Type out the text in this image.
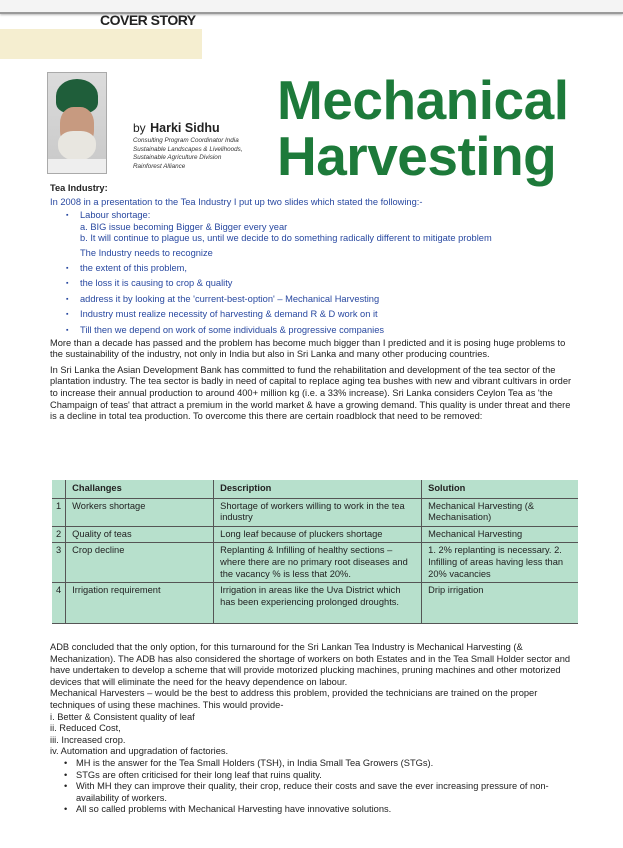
COVER STORY
by Harki Sidhu
Consulting Program Coordinator India
Sustainable Landscapes & Livelihoods,
Sustainable Agriculture Division
Rainforest Alliance
Mechanical
Harvesting
Tea Industry:
In 2008 in a presentation to the Tea Industry I put up two slides which stated the following:-
▪ Labour shortage:
a. BIG issue becoming Bigger & Bigger every year
b. It will continue to plague us, until we decide to do something radically different to mitigate problem
The Industry needs to recognize
▪ the extent of this problem,
▪ the loss it is causing to crop & quality
▪ address it by looking at the 'current-best-option' – Mechanical Harvesting
▪ Industry must realize necessity of harvesting & demand R & D work on it
▪ Till then we depend on work of some individuals & progressive companies
More than a decade has passed and the problem has become much bigger than I predicted and it is posing huge problems to the sustainability of the industry, not only in India but also in Sri Lanka and many other producing countries.
In Sri Lanka the Asian Development Bank has committed to fund the rehabilitation and development of the tea sector of the plantation industry. The tea sector is badly in need of capital to replace aging tea bushes with new and vibrant cultivars in order to increase their annual production to around 400+ million kg (i.e. a 33% increase). Sri Lanka considers Ceylon Tea as 'the Champaign of teas' that attract a premium in the world market & have a growing demand. This quality is under threat and there is a decline in total tea production. To overcome this there are certain roadblock that need to be removed:
	Challanges	Description	Solution
1	Workers shortage	Shortage of workers willing to work in the tea industry	Mechanical Harvesting (& Mechanisation)
2	Quality of teas	Long leaf because of pluckers shortage	Mechanical Harvesting
3	Crop decline	Replanting & Infilling of healthy sections – where there are no primary root diseases and the vacancy % is less that 20%.	1. 2% replanting is necessary. 2. Infilling of areas having less than 20% vacancies
4	Irrigation requirement	Irrigation in areas like the Uva District which has been experiencing prolonged droughts.	Drip irrigation
ADB concluded that the only option, for this turnaround for the Sri Lankan Tea Industry is Mechanical Harvesting (& Mechanization). The ADB has also considered the shortage of workers on both Estates and in the Tea Small Holder sector and have undertaken to develop a scheme that will provide motorized plucking machines, pruning machines and other motorized devices that will eliminate the need for the heavy dependence on labour.
Mechanical Harvesters – would be the best to address this problem, provided the technicians are trained on the proper techniques of using these machines. This would provide-
i. Better & Consistent quality of leaf
ii. Reduced Cost,
iii. Increased crop.
iv. Automation and upgradation of factories.
• MH is the answer for the Tea Small Holders (TSH), in India Small Tea Growers (STGs).
• STGs are often criticised for their long leaf that ruins quality.
• With MH they can improve their quality, their crop, reduce their costs and save the ever increasing pressure of non-availability of workers.
• All so called problems with Mechanical Harvesting have innovative solutions.
